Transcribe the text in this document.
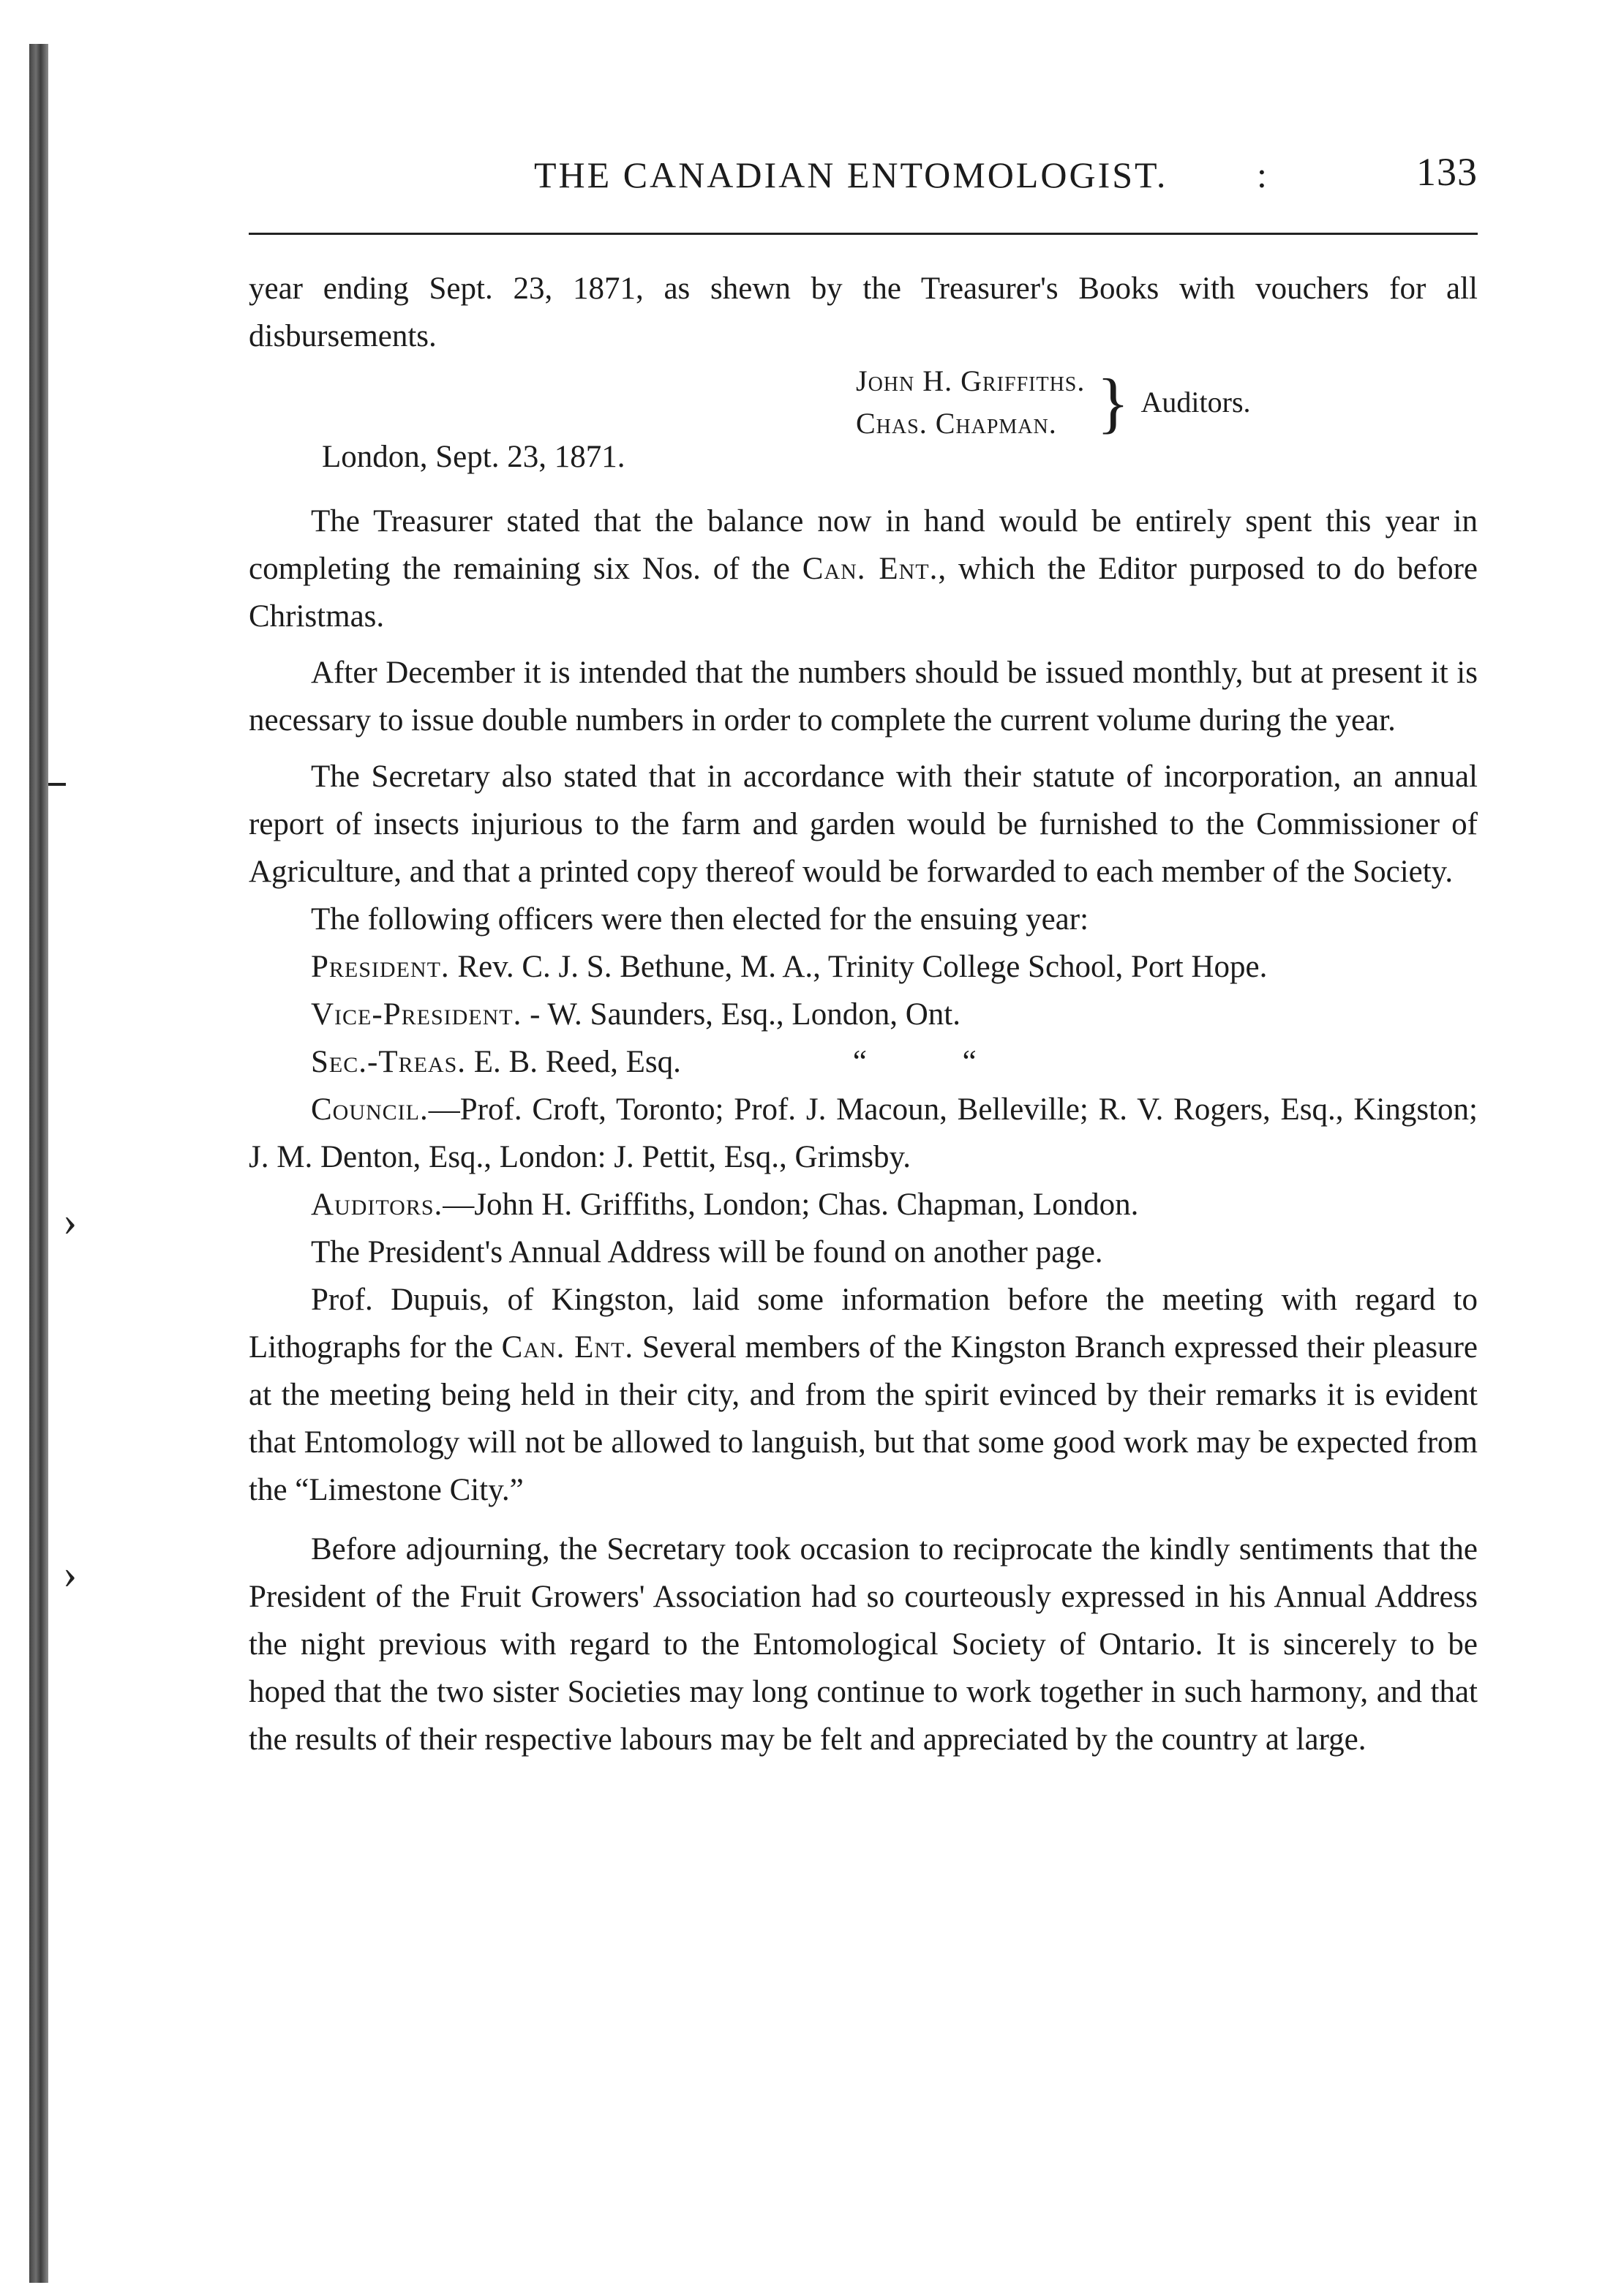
›
›
THE CANADIAN ENTOMOLOGIST. :	133

year ending Sept. 23, 1871, as shewn by the Treasurer's Books with vouchers for all disbursements.

John H. Griffiths.
Chas. Chapman. } Auditors.
London, Sept. 23, 1871.

The Treasurer stated that the balance now in hand would be entirely spent this year in completing the remaining six Nos. of the Can. Ent., which the Editor purposed to do before Christmas.

After December it is intended that the numbers should be issued monthly, but at present it is necessary to issue double numbers in order to complete the current volume during the year.

The Secretary also stated that in accordance with their statute of incorporation, an annual report of insects injurious to the farm and garden would be furnished to the Commissioner of Agriculture, and that a printed copy thereof would be forwarded to each member of the Society.

The following officers were then elected for the ensuing year:

President. Rev. C. J. S. Bethune, M. A., Trinity College School, Port Hope.

Vice-President. - W. Saunders, Esq., London, Ont.

Sec.-Treas. E. B. Reed, Esq.	“ “

Council.—Prof. Croft, Toronto; Prof. J. Macoun, Belleville; R. V. Rogers, Esq., Kingston; J. M. Denton, Esq., London: J. Pettit, Esq., Grimsby.

Auditors.—John H. Griffiths, London; Chas. Chapman, London.

The President's Annual Address will be found on another page.

Prof. Dupuis, of Kingston, laid some information before the meeting with regard to Lithographs for the Can. Ent. Several members of the Kingston Branch expressed their pleasure at the meeting being held in their city, and from the spirit evinced by their remarks it is evident that Entomology will not be allowed to languish, but that some good work may be expected from the “Limestone City.”

Before adjourning, the Secretary took occasion to reciprocate the kindly sentiments that the President of the Fruit Growers' Association had so courteously expressed in his Annual Address the night previous with regard to the Entomological Society of Ontario. It is sincerely to be hoped that the two sister Societies may long continue to work together in such harmony, and that the results of their respective labours may be felt and appreciated by the country at large.
